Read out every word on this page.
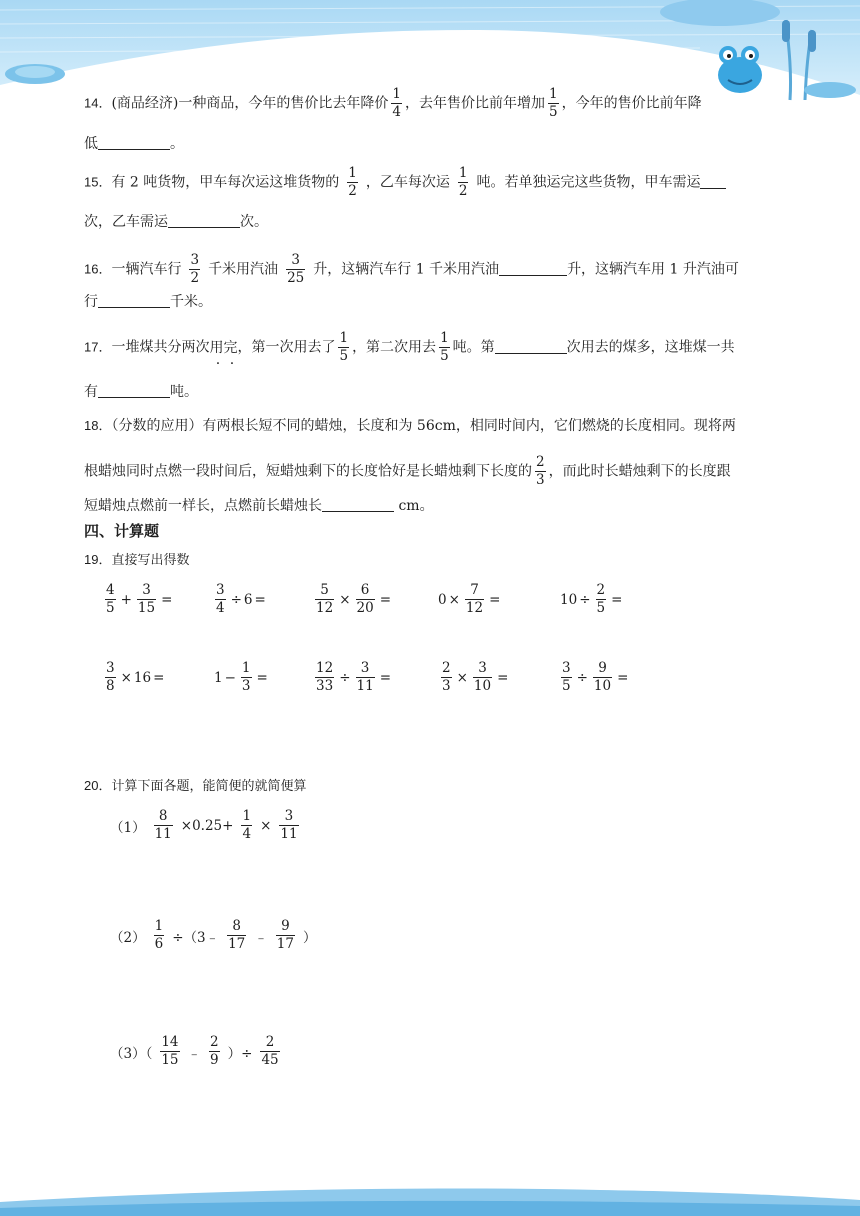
14．(商品经济)一种商品，今年的售价比去年降价 $\frac{1}{4}$ ，去年售价比前年增加 $\frac{1}{5}$ ，今年的售价比前年降
低	。
15．有 2 吨货物，甲车每次运这堆货物的 $\frac{1}{2}$ ，乙车每次运 $\frac{1}{2}$ 吨。若单独运完这些货物，甲车需运
次，乙车需运	次。
16．一辆汽车行 $\frac{3}{2}$ 千米用汽油 $\frac{3}{25}$ 升，这辆汽车行 1 千米用汽油	升，这辆汽车用 1 升汽油可
行	千米。
17．一堆煤共分两次用完，第一次用去了 $\frac{1}{5}$ ，第二次用去 $\frac{1}{5}$ 吨。第	次用去的煤多，这堆煤一共
有	吨。
18．（分数的应用）有两根长短不同的蜡烛，长度和为 56cm，相同时间内，它们燃烧的长度相同。现将两
根蜡烛同时点燃一段时间后，短蜡烛剩下的长度恰好是长蜡烛剩下长度的 $\frac{2}{3}$ ，而此时长蜡烛剩下的长度跟
短蜡烛点燃前一样长，点燃前长蜡烛长	cm。
四、计算题
19．直接写出得数
$\frac{4}{5} + \frac{3}{15}$ =	$\frac{3}{4} \div 6$ =	$\frac{5}{12} \times \frac{6}{20}$ =	$0 \times \frac{7}{12}$ =	$10 \div \frac{2}{5}$ =
$\frac{3}{8} \times 16$ =	$1 - \frac{1}{3}$ =	$\frac{12}{33} \div \frac{3}{11}$ =	$\frac{2}{3} \times \frac{3}{10}$ =	$\frac{3}{5} \div \frac{9}{10}$ =
20．计算下面各题，能简便的就简便算
$(1) \frac{8}{11} \times 0.25+ \frac{1}{4} \times \frac{3}{11}$
$(2) \frac{1}{6}$ ÷（3﹣ $\frac{8}{17}$ ﹣ $\frac{9}{17}$ ）
$(3)( \frac{14}{15}$ ﹣ $\frac{2}{9}$ ）÷ $\frac{2}{45}$
